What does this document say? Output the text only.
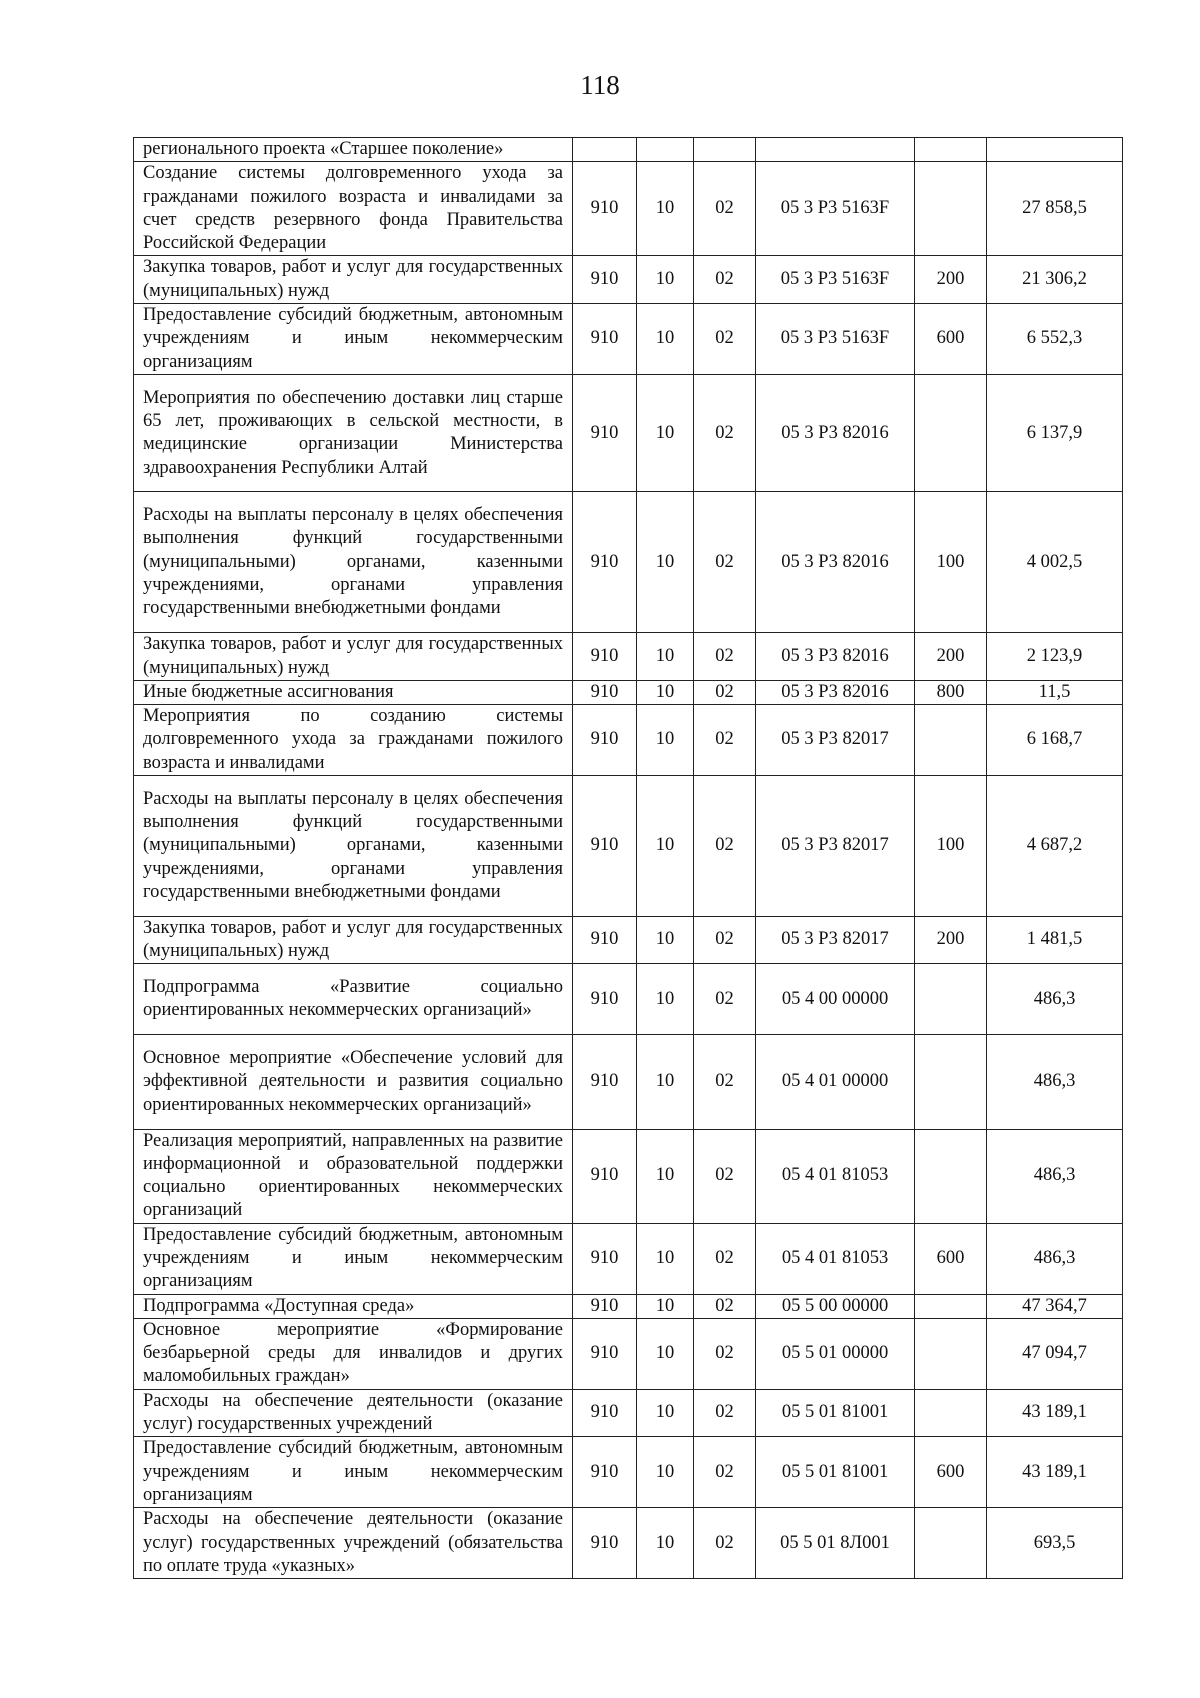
118
регионального проекта «Старшее поколение»						
Создание системы долговременного ухода за гражданами пожилого возраста и инвалидами за счет средств резервного фонда Правительства Российской Федерации	910	10	02	05 3 P3 5163F		27 858,5
Закупка товаров, работ и услуг для государственных (муниципальных) нужд	910	10	02	05 3 P3 5163F	200	21 306,2
Предоставление субсидий бюджетным, автономным учреждениям и иным некоммерческим организациям	910	10	02	05 3 P3 5163F	600	6 552,3
Мероприятия по обеспечению доставки лиц старше 65 лет, проживающих в сельской местности, в медицинские организации Министерства здравоохранения Республики Алтай	910	10	02	05 3 P3 82016		6 137,9
Расходы на выплаты персоналу в целях обеспечения выполнения функций государственными (муниципальными) органами, казенными учреждениями, органами управления государственными внебюджетными фондами	910	10	02	05 3 P3 82016	100	4 002,5
Закупка товаров, работ и услуг для государственных (муниципальных) нужд	910	10	02	05 3 P3 82016	200	2 123,9
Иные бюджетные ассигнования	910	10	02	05 3 P3 82016	800	11,5
Мероприятия по созданию системы долговременного ухода за гражданами пожилого возраста и инвалидами	910	10	02	05 3 P3 82017		6 168,7
Расходы на выплаты персоналу в целях обеспечения выполнения функций государственными (муниципальными) органами, казенными учреждениями, органами управления государственными внебюджетными фондами	910	10	02	05 3 P3 82017	100	4 687,2
Закупка товаров, работ и услуг для государственных (муниципальных) нужд	910	10	02	05 3 P3 82017	200	1 481,5
Подпрограмма «Развитие социально ориентированных некоммерческих организаций»	910	10	02	05 4 00 00000		486,3
Основное мероприятие «Обеспечение условий для эффективной деятельности и развития социально ориентированных некоммерческих организаций»	910	10	02	05 4 01 00000		486,3
Реализация мероприятий, направленных на развитие информационной и образовательной поддержки социально ориентированных некоммерческих организаций	910	10	02	05 4 01 81053		486,3
Предоставление субсидий бюджетным, автономным учреждениям и иным некоммерческим организациям	910	10	02	05 4 01 81053	600	486,3
Подпрограмма «Доступная среда»	910	10	02	05 5 00 00000		47 364,7
Основное мероприятие «Формирование безбарьерной среды для инвалидов и других маломобильных граждан»	910	10	02	05 5 01 00000		47 094,7
Расходы на обеспечение деятельности (оказание услуг) государственных учреждений	910	10	02	05 5 01 81001		43 189,1
Предоставление субсидий бюджетным, автономным учреждениям и иным некоммерческим организациям	910	10	02	05 5 01 81001	600	43 189,1
Расходы на обеспечение деятельности (оказание услуг) государственных учреждений (обязательства по оплате труда «указных»	910	10	02	05 5 01 8Л001		693,5
